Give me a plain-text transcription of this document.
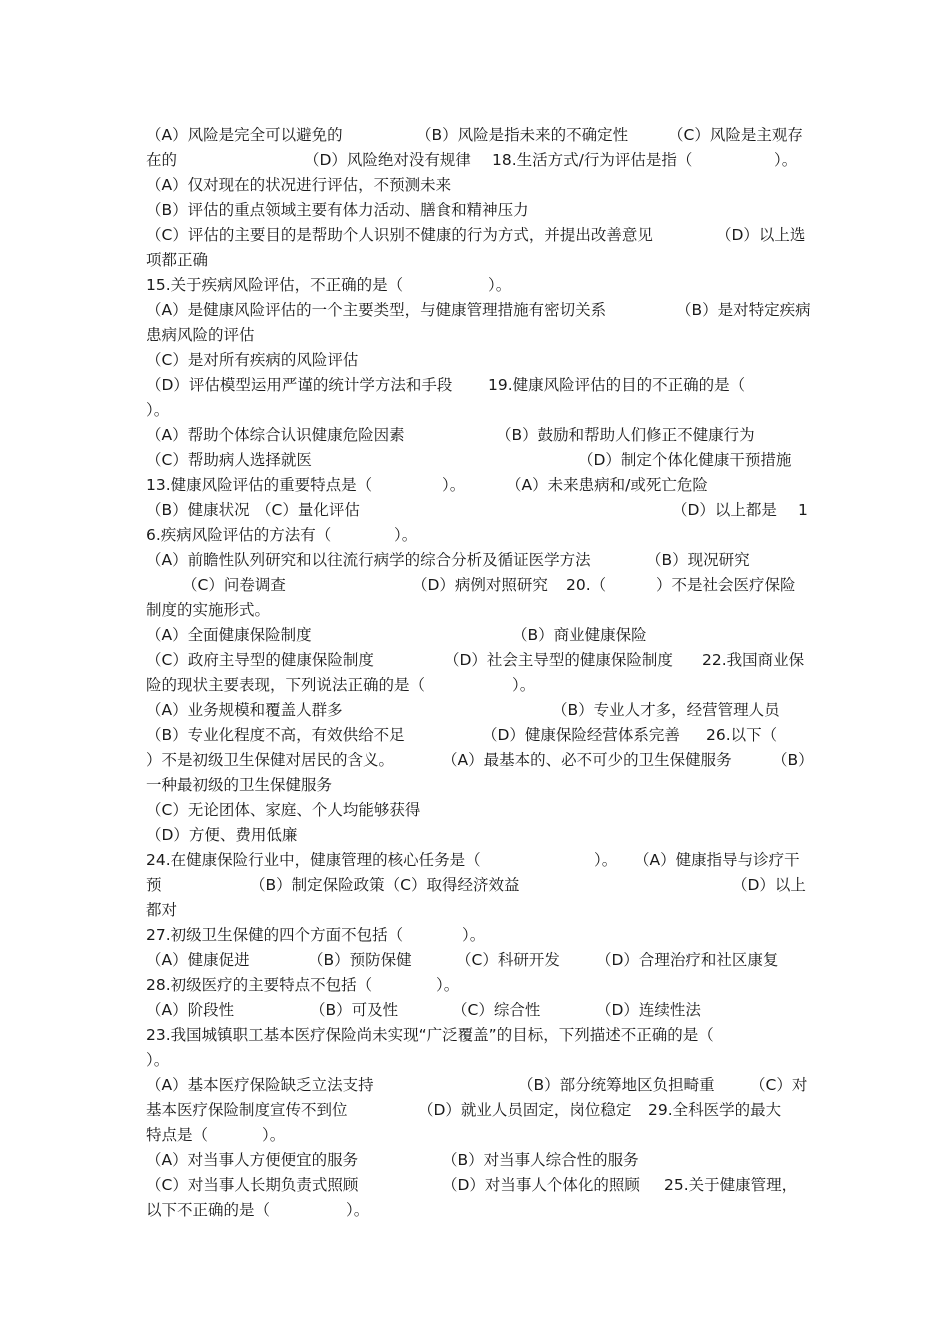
（A）风险是完全可以避免的	（B）风险是指未来的不确定性	（C）风险是主观存
在的	（D）风险绝对没有规律 18.生活方式/行为评估是指（	）。
（A）仅对现在的状况进行评估，不预测未来
（B）评估的重点领域主要有体力活动、膳食和精神压力
（C）评估的主要目的是帮助个人识别不健康的行为方式，并提出改善意见	（D）以上选
项都正确
15.关于疾病风险评估，不正确的是（	）。
（A）是健康风险评估的一个主要类型，与健康管理措施有密切关系	（B）是对特定疾病
患病风险的评估
（C）是对所有疾病的风险评估
（D）评估模型运用严谨的统计学方法和手段 19.健康风险评估的目的不正确的是（
）。
（A）帮助个体综合认识健康危险因素	（B）鼓励和帮助人们修正不健康行为
（C）帮助病人选择就医	（D）制定个体化健康干预措施
13.健康风险评估的重要特点是（	）。	（A）未来患病和/或死亡危险
（B）健康状况 （C）量化评估	（D）以上都是 1
6.疾病风险评估的方法有（	）。
（A）前瞻性队列研究和以往流行病学的综合分析及循证医学方法	（B）现况研究
（C）问卷调查	（D）病例对照研究 20.（	）不是社会医疗保险
制度的实施形式。
（A）全面健康保险制度	（B）商业健康保险
（C）政府主导型的健康保险制度	（D）社会主导型的健康保险制度 22.我国商业保
险的现状主要表现，下列说法正确的是（	）。
（A）业务规模和覆盖人群多	（B）专业人才多，经营管理人员
（B）专业化程度不高，有效供给不足	（D）健康保险经营体系完善 26.以下（
）不是初级卫生保健对居民的含义。	（A）最基本的、必不可少的卫生保健服务	（B）
一种最初级的卫生保健服务
（C）无论团体、家庭、个人均能够获得
（D）方便、费用低廉
24.在健康保险行业中，健康管理的核心任务是（	）。 （A）健康指导与诊疗干
预	（B）制定保险政策（C）取得经济效益	（D）以上
都对
27.初级卫生保健的四个方面不包括（	）。
（A）健康促进	（B）预防保健	（C）科研开发 （D）合理治疗和社区康复
28.初级医疗的主要特点不包括（	）。
（A）阶段性	（B）可及性	（C）综合性	（D）连续性法
23.我国城镇职工基本医疗保险尚未实现“广泛覆盖”的目标，下列描述不正确的是（
）。
（A）基本医疗保险缺乏立法支持	（B）部分统筹地区负担畸重 （C）对
基本医疗保险制度宣传不到位	（D）就业人员固定，岗位稳定 29.全科医学的最大
特点是（	）。
（A）对当事人方便便宜的服务	（B）对当事人综合性的服务
（C）对当事人长期负责式照顾	（D）对当事人个体化的照顾 25.关于健康管理，
以下不正确的是（	）。
